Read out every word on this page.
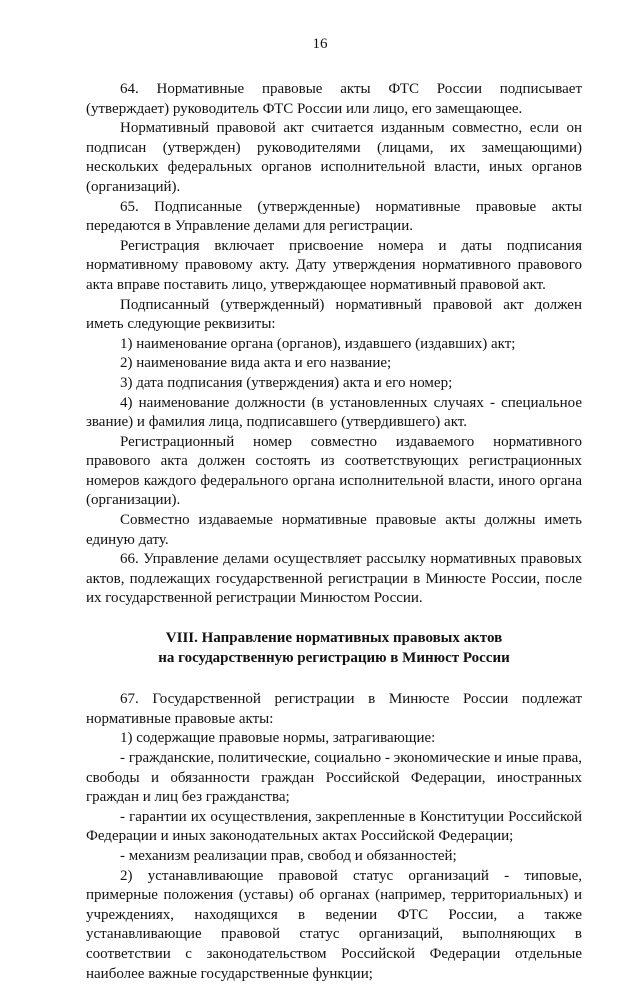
16

64. Нормативные правовые акты ФТС России подписывает (утверждает) руководитель ФТС России или лицо, его замещающее.

Нормативный правовой акт считается изданным совместно, если он подписан (утвержден) руководителями (лицами, их замещающими) нескольких федеральных органов исполнительной власти, иных органов (организаций).

65. Подписанные (утвержденные) нормативные правовые акты передаются в Управление делами для регистрации.

Регистрация включает присвоение номера и даты подписания нормативному правовому акту. Дату утверждения нормативного правового акта вправе поставить лицо, утверждающее нормативный правовой акт.

Подписанный (утвержденный) нормативный правовой акт должен иметь следующие реквизиты:

1) наименование органа (органов), издавшего (издавших) акт;

2) наименование вида акта и его название;

3) дата подписания (утверждения) акта и его номер;

4) наименование должности (в установленных случаях - специальное звание) и фамилия лица, подписавшего (утвердившего) акт.

Регистрационный номер совместно издаваемого нормативного правового акта должен состоять из соответствующих регистрационных номеров каждого федерального органа исполнительной власти, иного органа (организации).

Совместно издаваемые нормативные правовые акты должны иметь единую дату.

66. Управление делами осуществляет рассылку нормативных правовых актов, подлежащих государственной регистрации в Минюсте России, после их государственной регистрации Минюстом России.

VIII. Направление нормативных правовых актов
на государственную регистрацию в Минюст России

67. Государственной регистрации в Минюсте России подлежат нормативные правовые акты:

1) содержащие правовые нормы, затрагивающие:

- гражданские, политические, социально - экономические и иные права, свободы и обязанности граждан Российской Федерации, иностранных граждан и лиц без гражданства;

- гарантии их осуществления, закрепленные в Конституции Российской Федерации и иных законодательных актах Российской Федерации;

- механизм реализации прав, свобод и обязанностей;

2) устанавливающие правовой статус организаций - типовые, примерные положения (уставы) об органах (например, территориальных) и учреждениях, находящихся в ведении ФТС России, а также устанавливающие правовой статус организаций, выполняющих в соответствии с законодательством Российской Федерации отдельные наиболее важные государственные функции;
